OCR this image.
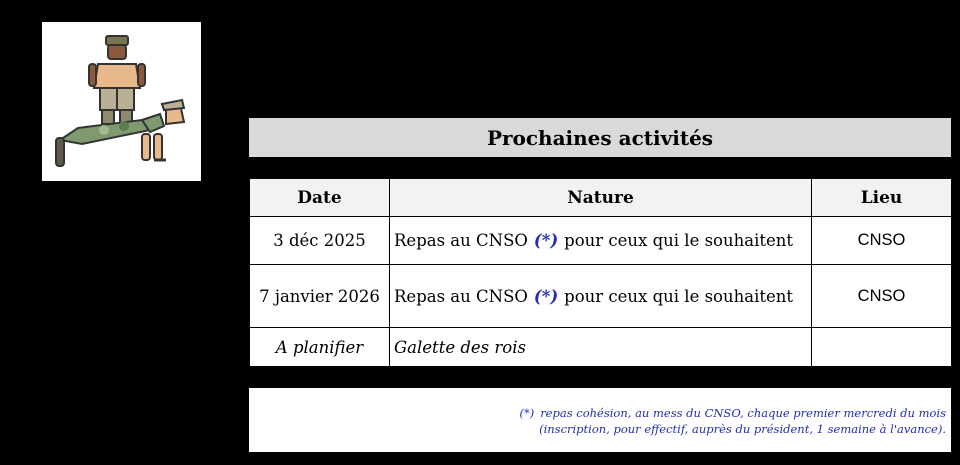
Prochaines activités
Date	Nature	Lieu
3 déc 2025	Repas au CNSO (*) pour ceux qui le souhaitent	CNSO
7 janvier 2026	Repas au CNSO (*) pour ceux qui le souhaitent	CNSO
A planifier	Galette des rois	
(*) repas cohésion, au mess du CNSO, chaque premier mercredi du mois
(inscription, pour effectif, auprès du président, 1 semaine à l'avance).
